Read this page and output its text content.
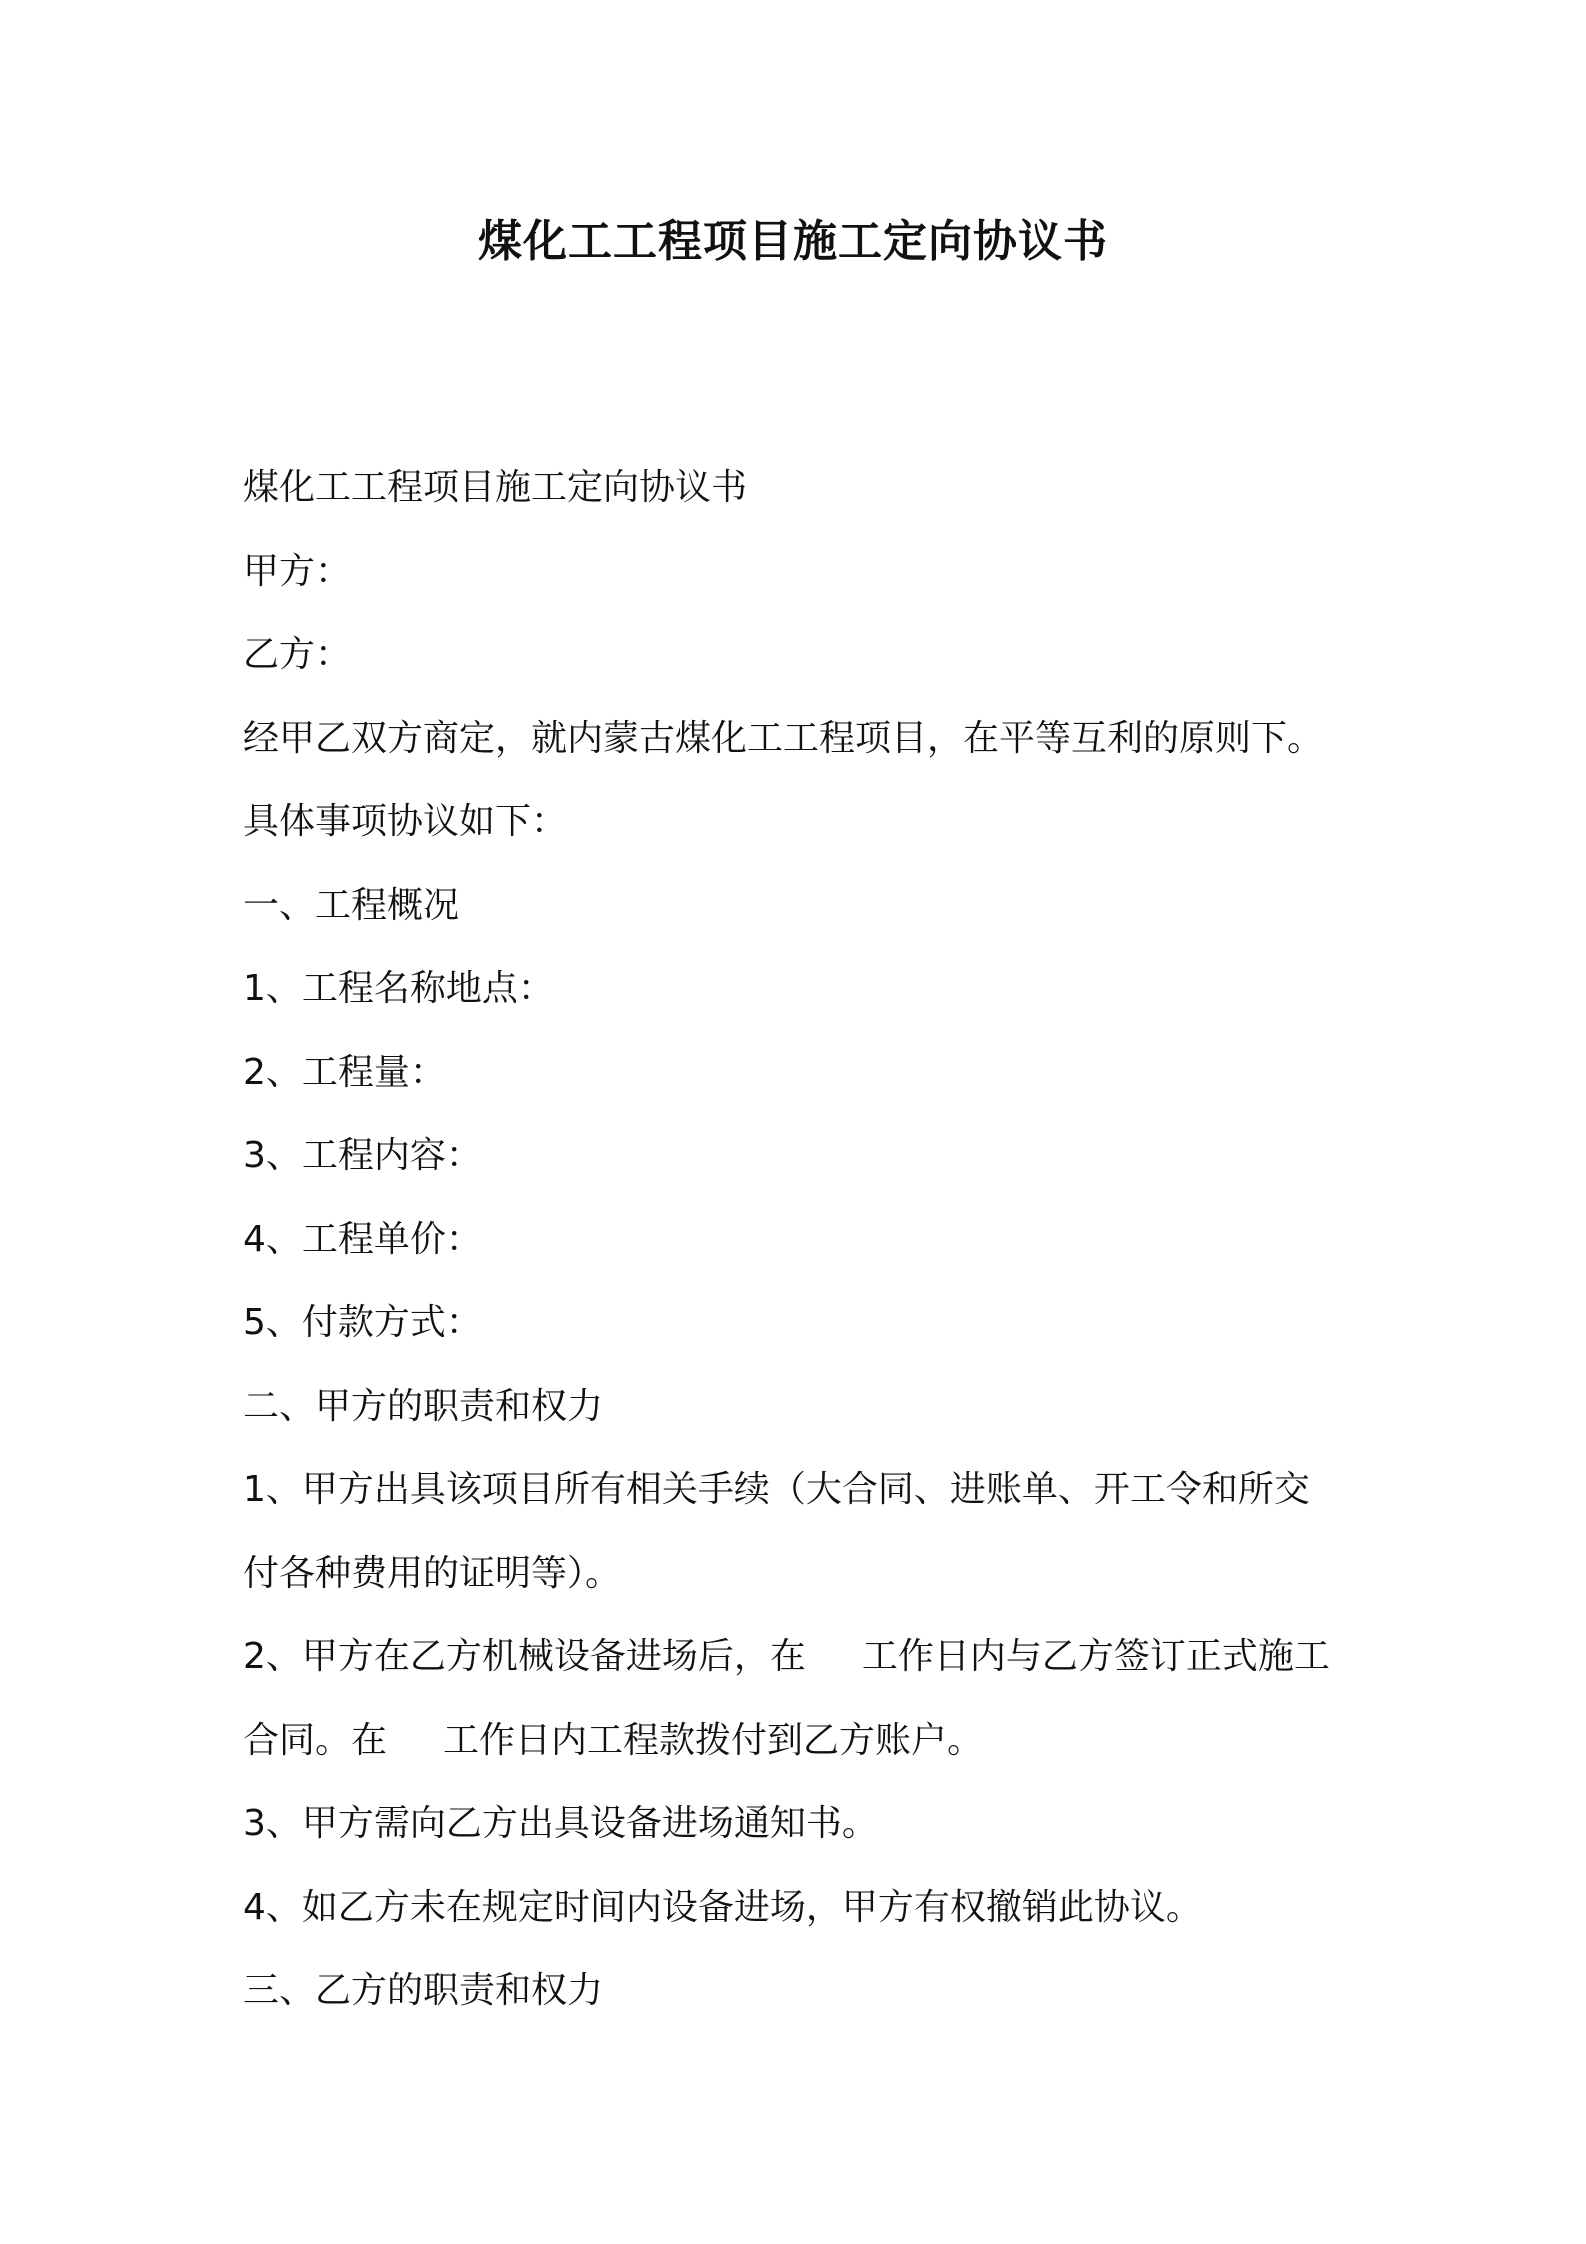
煤化工工程项目施工定向协议书
煤化工工程项目施工定向协议书
甲方：
乙方：
经甲乙双方商定，就内蒙古煤化工工程项目，在平等互利的原则下。
具体事项协议如下：
一、工程概况
1、工程名称地点：
2、工程量：
3、工程内容：
4、工程单价：
5、付款方式：
二、甲方的职责和权力
1、甲方出具该项目所有相关手续（大合同、进账单、开工令和所交
付各种费用的证明等）。
2、甲方在乙方机械设备进场后，在 工作日内与乙方签订正式施工
合同。在 工作日内工程款拨付到乙方账户。
3、甲方需向乙方出具设备进场通知书。
4、如乙方未在规定时间内设备进场，甲方有权撤销此协议。
三、乙方的职责和权力
